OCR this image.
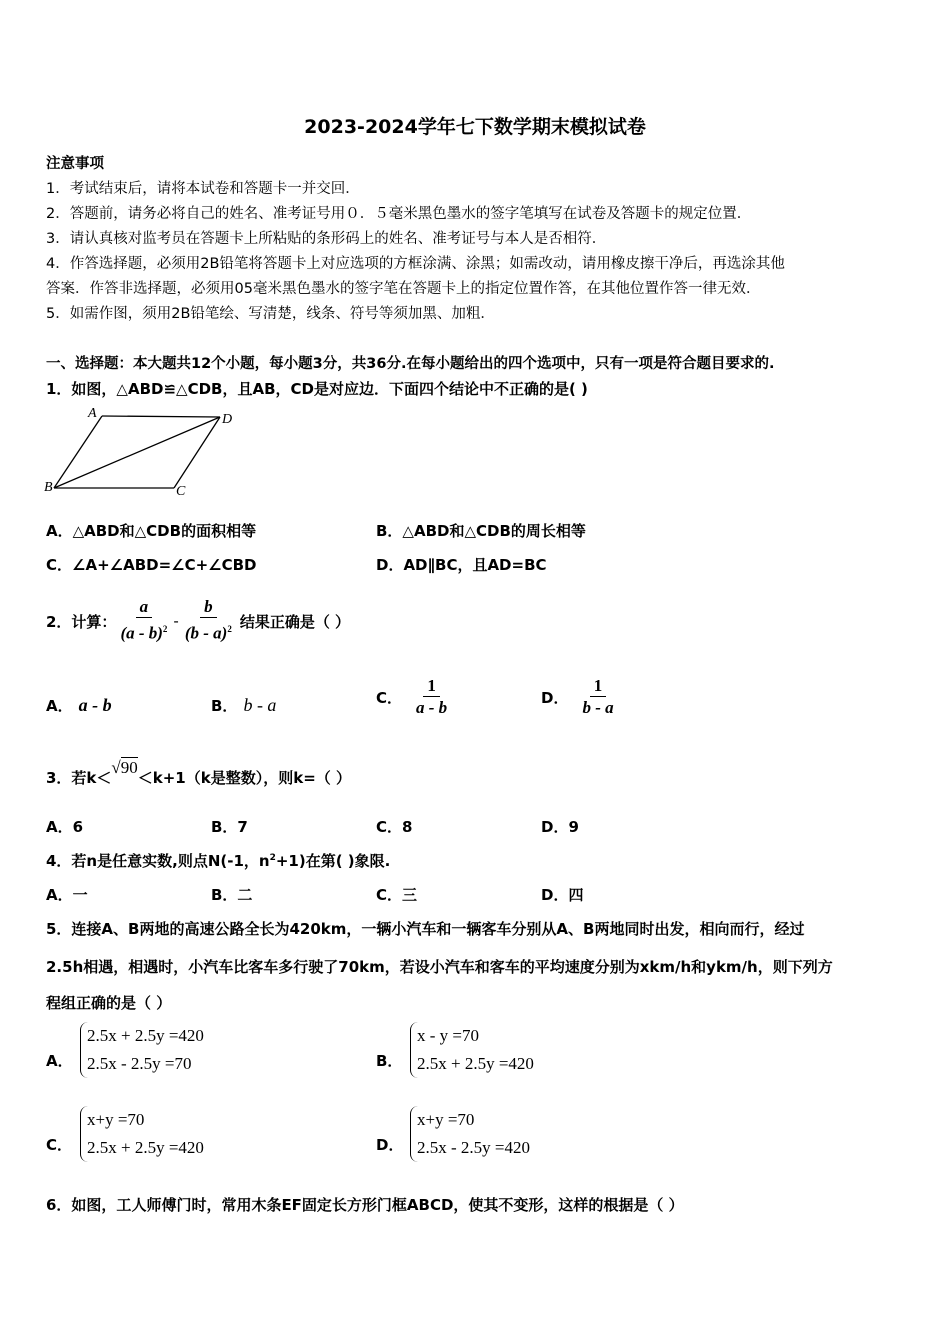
2023-2024学年七下数学期末模拟试卷
注意事项
1．考试结束后，请将本试卷和答题卡一并交回．
2．答题前，请务必将自己的姓名、准考证号用０．５毫米黑色墨水的签字笔填写在试卷及答题卡的规定位置．
3．请认真核对监考员在答题卡上所粘贴的条形码上的姓名、准考证号与本人是否相符．
4．作答选择题，必须用2B铅笔将答题卡上对应选项的方框涂满、涂黑；如需改动，请用橡皮擦干净后，再选涂其他
答案．作答非选择题，必须用05毫米黑色墨水的签字笔在答题卡上的指定位置作答，在其他位置作答一律无效．
5．如需作图，须用2B铅笔绘、写清楚，线条、符号等须加黑、加粗．
一、选择题：本大题共12个小题，每小题3分，共36分.在每小题给出的四个选项中，只有一项是符合题目要求的.
1．如图，△ABD≌△CDB，且AB，CD是对应边．下面四个结论中不正确的是( )
A	D
B	C
A．△ABD和△CDB的面积相等	B．△ABD和△CDB的周长相等
C．∠A+∠ABD=∠C+∠CBD	D．AD∥BC，且AD=BC
2．计算： $\frac{a}{(a - b)^2} - \frac{b}{(b - a)^2}$ 结果正确是（ ）
A． a - b	B． b - a	C． $\frac{1}{a - b}$	D． $\frac{1}{b - a}$
3．若k＜
√90
＜k+1（k是整数），则k=（ ）
A．6	B．7	C．8	D．9
4．若n是任意实数,则点N(-1，$n^2+1$)在第( )象限.
A．一	B．二	C．三	D．四
5．连接A、B两地的高速公路全长为420km，一辆小汽车和一辆客车分别从A、B两地同时出发，相向而行，经过
2.5h相遇，相遇时，小汽车比客车多行驶了70km，若设小汽车和客车的平均速度分别为xkm/h和ykm/h，则下列方
程组正确的是（ ）
A．
2.5x + 2.5y =420
2.5x - 2.5y =70	B．
x - y =70
2.5x + 2.5y =420
C．
x+y =70
2.5x + 2.5y =420	D．
x+y =70
2.5x - 2.5y =420
6．如图，工人师傅门时，常用木条EF固定长方形门框ABCD，使其不变形，这样的根据是（ ）
